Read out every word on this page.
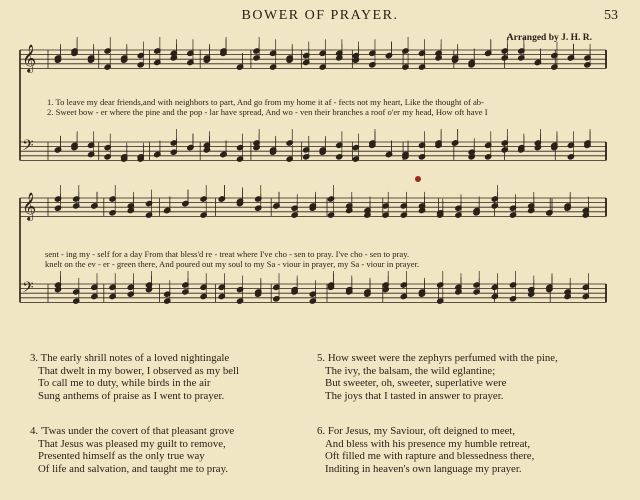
BOWER OF PRAYER.	53
Arranged by J. H. R.
𝄞
𝄢
𝄞
𝄢
1. To leave my dear friends,and with neighbors to part, And go from my home it af - fects not my heart, Like the thought of ab-
2. Sweet bow - er where the pine and the pop - lar have spread, And wo - ven their branches a roof o'er my head, How oft have I
sent - ing my - self for a day From that bless'd re - treat where I've cho - sen to pray. I've cho - sen to pray.
knelt on the ev - er - green there, And poured out my soul to my Sa - viour in prayer, my Sa - viour in prayer.
3. The early shrill notes of a loved nightingale
That dwelt in my bower, I observed as my bell
To call me to duty, while birds in the air
Sung anthems of praise as I went to prayer.
4. 'Twas under the covert of that pleasant grove
That Jesus was pleased my guilt to remove,
Presented himself as the only true way
Of life and salvation, and taught me to pray.
5. How sweet were the zephyrs perfumed with the pine,
The ivy, the balsam, the wild eglantine;
But sweeter, oh, sweeter, superlative were
The joys that I tasted in answer to prayer.
6. For Jesus, my Saviour, oft deigned to meet,
And bless with his presence my humble retreat,
Oft filled me with rapture and blessedness there,
Inditing in heaven's own language my prayer.
